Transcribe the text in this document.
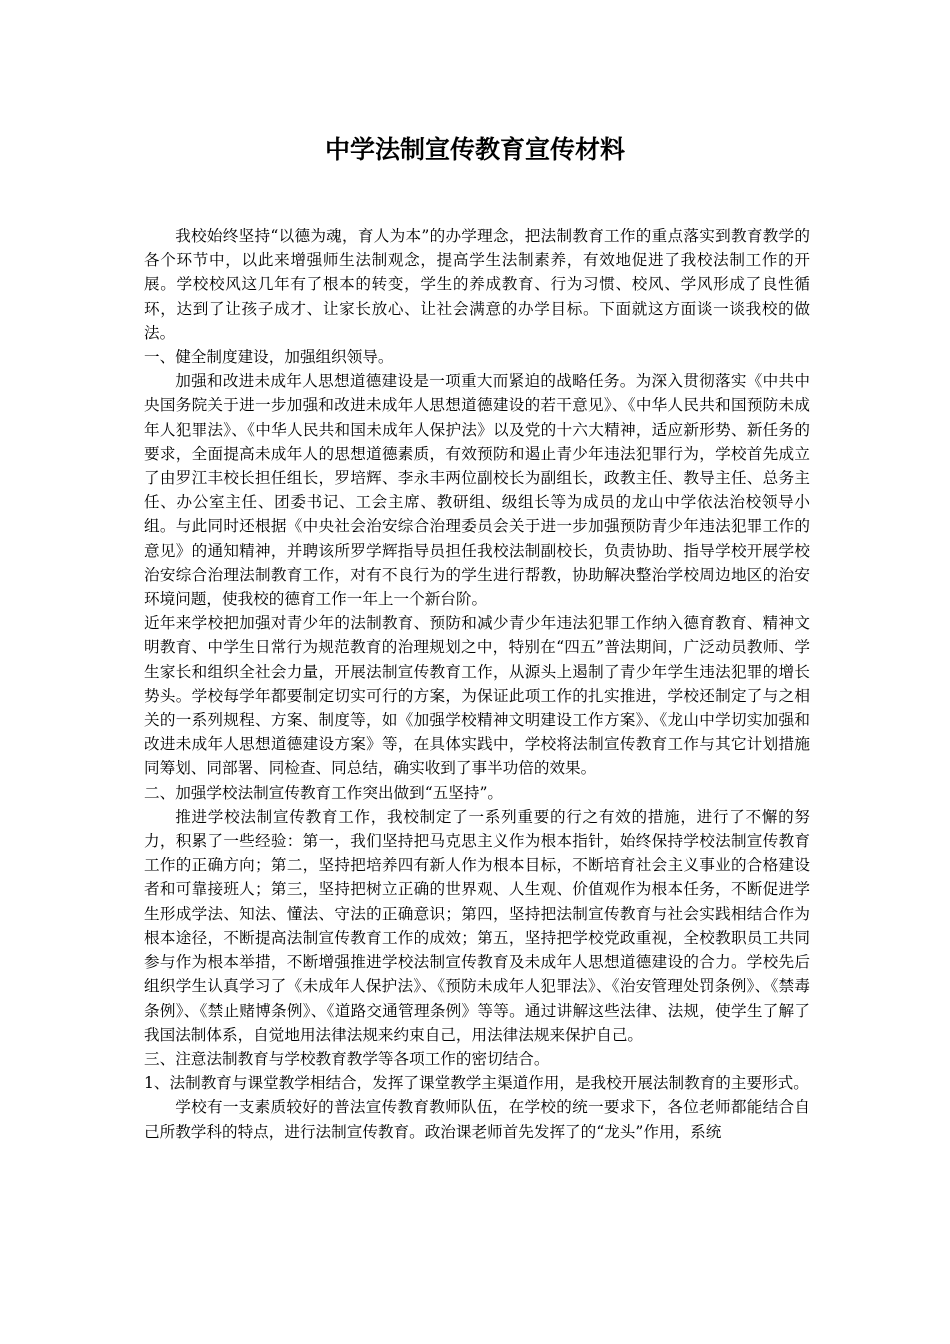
中学法制宣传教育宣传材料

我校始终坚持“以德为魂，育人为本”的办学理念，把法制教育工作的重点落实到教育教学的各个环节中，以此来增强师生法制观念，提高学生法制素养，有效地促进了我校法制工作的开展。学校校风这几年有了根本的转变，学生的养成教育、行为习惯、校风、学风形成了良性循环，达到了让孩子成才、让家长放心、让社会满意的办学目标。下面就这方面谈一谈我校的做法。

一、健全制度建设，加强组织领导。

加强和改进未成年人思想道德建设是一项重大而紧迫的战略任务。为深入贯彻落实《中共中央国务院关于进一步加强和改进未成年人思想道德建设的若干意见》、《中华人民共和国预防未成年人犯罪法》、《中华人民共和国未成年人保护法》以及党的十六大精神，适应新形势、新任务的要求，全面提高未成年人的思想道德素质，有效预防和遏止青少年违法犯罪行为，学校首先成立了由罗江丰校长担任组长，罗培辉、李永丰两位副校长为副组长，政教主任、教导主任、总务主任、办公室主任、团委书记、工会主席、教研组、级组长等为成员的龙山中学依法治校领导小组。与此同时还根据《中央社会治安综合治理委员会关于进一步加强预防青少年违法犯罪工作的意见》的通知精神，并聘该所罗学辉指导员担任我校法制副校长，负责协助、指导学校开展学校治安综合治理法制教育工作，对有不良行为的学生进行帮教，协助解决整治学校周边地区的治安环境问题，使我校的德育工作一年上一个新台阶。

近年来学校把加强对青少年的法制教育、预防和减少青少年违法犯罪工作纳入德育教育、精神文明教育、中学生日常行为规范教育的治理规划之中，特别在“四五”普法期间，广泛动员教师、学生家长和组织全社会力量，开展法制宣传教育工作，从源头上遏制了青少年学生违法犯罪的增长势头。学校每学年都要制定切实可行的方案，为保证此项工作的扎实推进，学校还制定了与之相关的一系列规程、方案、制度等，如《加强学校精神文明建设工作方案》、《龙山中学切实加强和改进未成年人思想道德建设方案》等，在具体实践中，学校将法制宣传教育工作与其它计划措施同筹划、同部署、同检查、同总结，确实收到了事半功倍的效果。

二、加强学校法制宣传教育工作突出做到“五坚持”。

推进学校法制宣传教育工作，我校制定了一系列重要的行之有效的措施，进行了不懈的努力，积累了一些经验：第一，我们坚持把马克思主义作为根本指针，始终保持学校法制宣传教育工作的正确方向；第二，坚持把培养四有新人作为根本目标，不断培育社会主义事业的合格建设者和可靠接班人；第三，坚持把树立正确的世界观、人生观、价值观作为根本任务，不断促进学生形成学法、知法、懂法、守法的正确意识；第四，坚持把法制宣传教育与社会实践相结合作为根本途径，不断提高法制宣传教育工作的成效；第五，坚持把学校党政重视，全校教职员工共同参与作为根本举措，不断增强推进学校法制宣传教育及未成年人思想道德建设的合力。学校先后组织学生认真学习了《未成年人保护法》、《预防未成年人犯罪法》、《治安管理处罚条例》、《禁毒条例》、《禁止赌博条例》、《道路交通管理条例》等等。通过讲解这些法律、法规，使学生了解了我国法制体系，自觉地用法律法规来约束自己，用法律法规来保护自己。

三、注意法制教育与学校教育教学等各项工作的密切结合。

1、法制教育与课堂教学相结合，发挥了课堂教学主渠道作用，是我校开展法制教育的主要形式。

学校有一支素质较好的普法宣传教育教师队伍，在学校的统一要求下，各位老师都能结合自己所教学科的特点，进行法制宣传教育。政治课老师首先发挥了的“龙头”作用，系统
